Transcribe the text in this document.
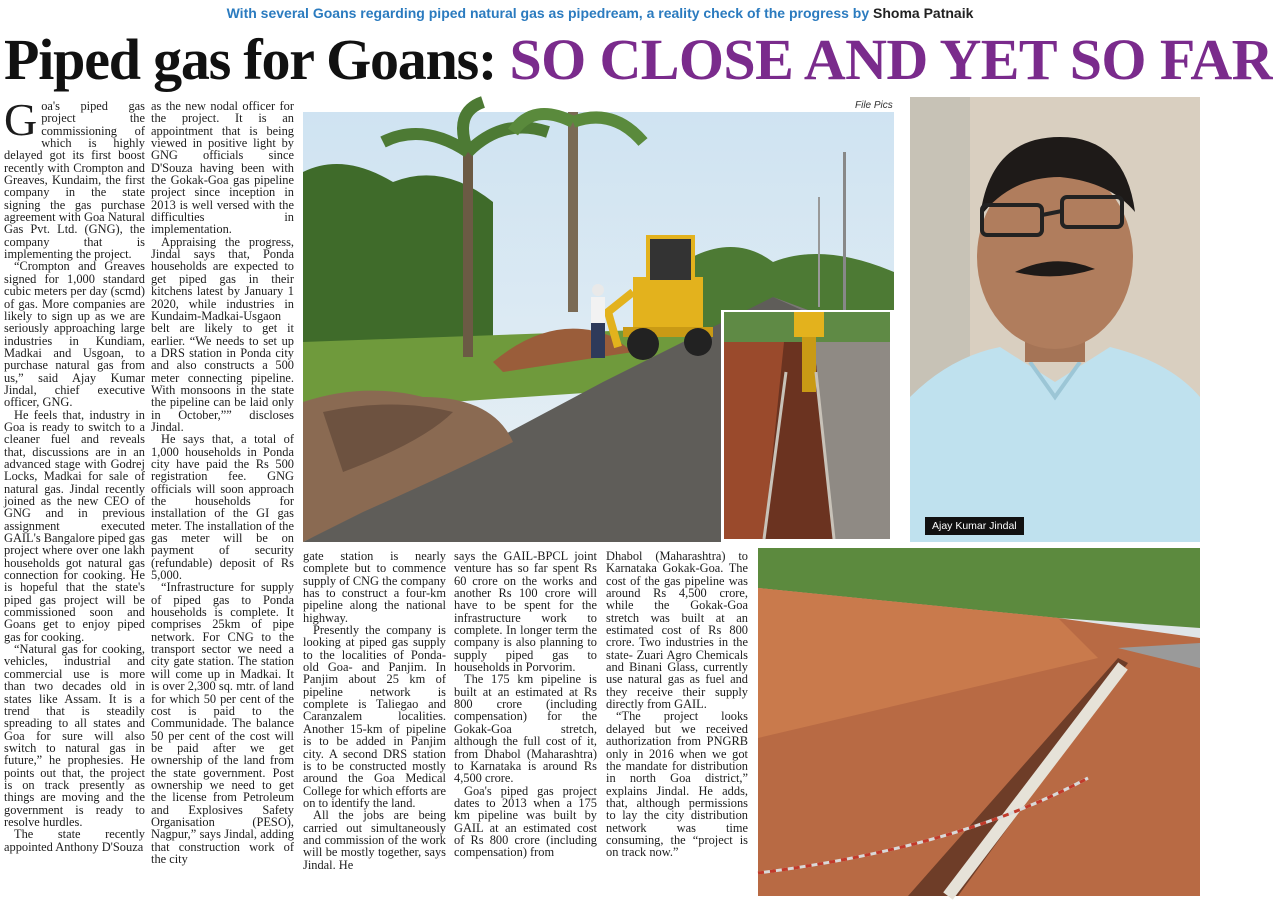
With several Goans regarding piped natural gas as pipedream, a reality check of the progress by Shoma Patnaik
Piped gas for Goans: SO CLOSE AND YET SO FAR

Goa's piped gas project the commissioning of which is highly delayed got its first boost recently with Crompton and Greaves, Kundaim, the first company in the state signing the gas purchase agreement with Goa Natural Gas Pvt. Ltd. (GNG), the company that is implementing the project.

“Crompton and Greaves signed for 1,000 standard cubic meters per day (scmd) of gas. More companies are likely to sign up as we are seriously approaching large industries in Kundiam, Madkai and Usgoan, to purchase natural gas from us,” said Ajay Kumar Jindal, chief executive officer, GNG.

He feels that, industry in Goa is ready to switch to a cleaner fuel and reveals that, discussions are in an advanced stage with Godrej Locks, Madkai for sale of natural gas. Jindal recently joined as the new CEO of GNG and in previous assignment executed GAIL's Bangalore piped gas project where over one lakh households got natural gas connection for cooking. He is hopeful that the state's piped gas project will be commissioned soon and Goans get to enjoy piped gas for cooking.

“Natural gas for cooking, vehicles, industrial and commercial use is more than two decades old in states like Assam. It is a trend that is steadily spreading to all states and Goa for sure will also switch to natural gas in future,” he prophesies. He points out that, the project is on track presently as things are moving and the government is ready to resolve hurdles.

The state recently appointed Anthony D'Souza

as the new nodal officer for the project. It is an appointment that is being viewed in positive light by GNG officials since D'Souza having been with the Gokak-Goa gas pipeline project since inception in 2013 is well versed with the difficulties in implementation.

Appraising the progress, Jindal says that, Ponda households are expected to get piped gas in their kitchens latest by January 1 2020, while industries in Kundaim-Madkai-Usgaon belt are likely to get it earlier. “We needs to set up a DRS station in Ponda city and also constructs a 500 meter connecting pipeline. With monsoons in the state the pipeline can be laid only in October,”” discloses Jindal.

He says that, a total of 1,000 households in Ponda city have paid the Rs 500 registration fee. GNG officials will soon approach the households for installation of the GI gas meter. The installation of the gas meter will be on payment of security (refundable) deposit of Rs 5,000.

“Infrastructure for supply of piped gas to Ponda households is complete. It comprises 25km of pipe network. For CNG to the transport sector we need a city gate station. The station will come up in Madkai. It is over 2,300 sq. mtr. of land for which 50 per cent of the cost is paid to the Communidade. The balance 50 per cent of the cost will be paid after we get ownership of the land from the state government. Post ownership we need to get the license from Petroleum and Explosives Safety Organisation (PESO), Nagpur,” says Jindal, adding that construction work of the city

gate station is nearly complete but to commence supply of CNG the company has to construct a four-km pipeline along the national highway.

Presently the company is looking at piped gas supply to the localities of Ponda- old Goa- and Panjim. In Panjim about 25 km of pipeline network is complete is Taliegao and Caranzalem localities. Another 15-km of pipeline is to be added in Panjim city. A second DRS station is to be constructed mostly around the Goa Medical College for which efforts are on to identify the land.

All the jobs are being carried out simultaneously and commission of the work will be mostly together, says Jindal. He

says the GAIL-BPCL joint venture has so far spent Rs 60 crore on the works and another Rs 100 crore will have to be spent for the infrastructure work to complete. In longer term the company is also planning to supply piped gas to households in Porvorim.

The 175 km pipeline is built at an estimated at Rs 800 crore (including compensation) for the Gokak-Goa stretch, although the full cost of it, from Dhabol (Maharashtra) to Karnataka is around Rs 4,500 crore.

Goa's piped gas project dates to 2013 when a 175 km pipeline was built by GAIL at an estimated cost of Rs 800 crore (including compensation) from

Dhabol (Maharashtra) to Karnataka Gokak-Goa. The cost of the gas pipeline was around Rs 4,500 crore, while the Gokak-Goa stretch was built at an estimated cost of Rs 800 crore. Two industries in the state- Zuari Agro Chemicals and Binani Glass, currently use natural gas as fuel and they receive their supply directly from GAIL.

“The project looks delayed but we received authorization from PNGRB only in 2016 when we got the mandate for distribution in north Goa district,” explains Jindal. He adds, that, although permissions to lay the city distribution network was time consuming, the “project is on track now.”

File Pics
Ajay Kumar Jindal
